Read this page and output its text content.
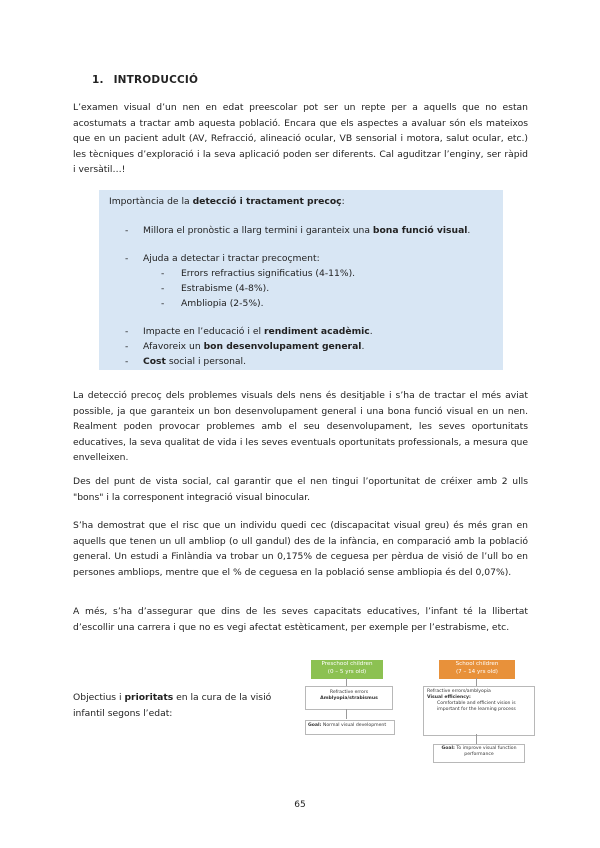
1. INTRODUCCIÓ

L’examen visual d’un nen en edat preescolar pot ser un repte per a aquells que no estan acostumats a tractar amb aquesta població. Encara que els aspectes a avaluar són els mateixos que en un pacient adult (AV, Refracció, alineació ocular, VB sensorial i motora, salut ocular, etc.) les tècniques d’exploració i la seva aplicació poden ser diferents. Cal aguditzar l’enginy, ser ràpid i versàtil…!

Importància de la detecció i tractament precoç:
- Millora el pronòstic a llarg termini i garanteix una bona funció visual.
- Ajuda a detectar i tractar precoçment:
- Errors refractius significatius (4-11%).
- Estrabisme (4-8%).
- Ambliopia (2-5%).
- Impacte en l’educació i el rendiment acadèmic.
- Afavoreix un bon desenvolupament general.
- Cost social i personal.

La detecció precoç dels problemes visuals dels nens és desitjable i s’ha de tractar el més aviat possible, ja que garanteix un bon desenvolupament general i una bona funció visual en un nen. Realment poden provocar problemes amb el seu desenvolupament, les seves oportunitats educatives, la seva qualitat de vida i les seves eventuals oportunitats professionals, a mesura que envelleixen.

Des del punt de vista social, cal garantir que el nen tingui l’oportunitat de créixer amb 2 ulls "bons" i la corresponent integració visual binocular.

S’ha demostrat que el risc que un individu quedi cec (discapacitat visual greu) és més gran en aquells que tenen un ull ambliop (o ull gandul) des de la infància, en comparació amb la població general. Un estudi a Finlàndia va trobar un 0,175% de ceguesa per pèrdua de visió de l’ull bo en persones ambliops, mentre que el % de ceguesa en la població sense ambliopia és del 0,07%).

A més, s’ha d’assegurar que dins de les seves capacitats educatives, l’infant té la llibertat d’escollir una carrera i que no es vegi afectat estèticament, per exemple per l’estrabisme, etc.

Objectius i prioritats en la cura de la visió infantil segons l’edat:
Preschool children
(0 – 5 yrs old)
Refractive errors
Amblyopia/strabismus
Goal: Normal visual development
School children
(7 – 14 yrs old)
Refractive errors/amblyopia
Visual efficiency:
Comfortable and efficient vision is important for the learning process
Goal: To improve visual function performance
65
